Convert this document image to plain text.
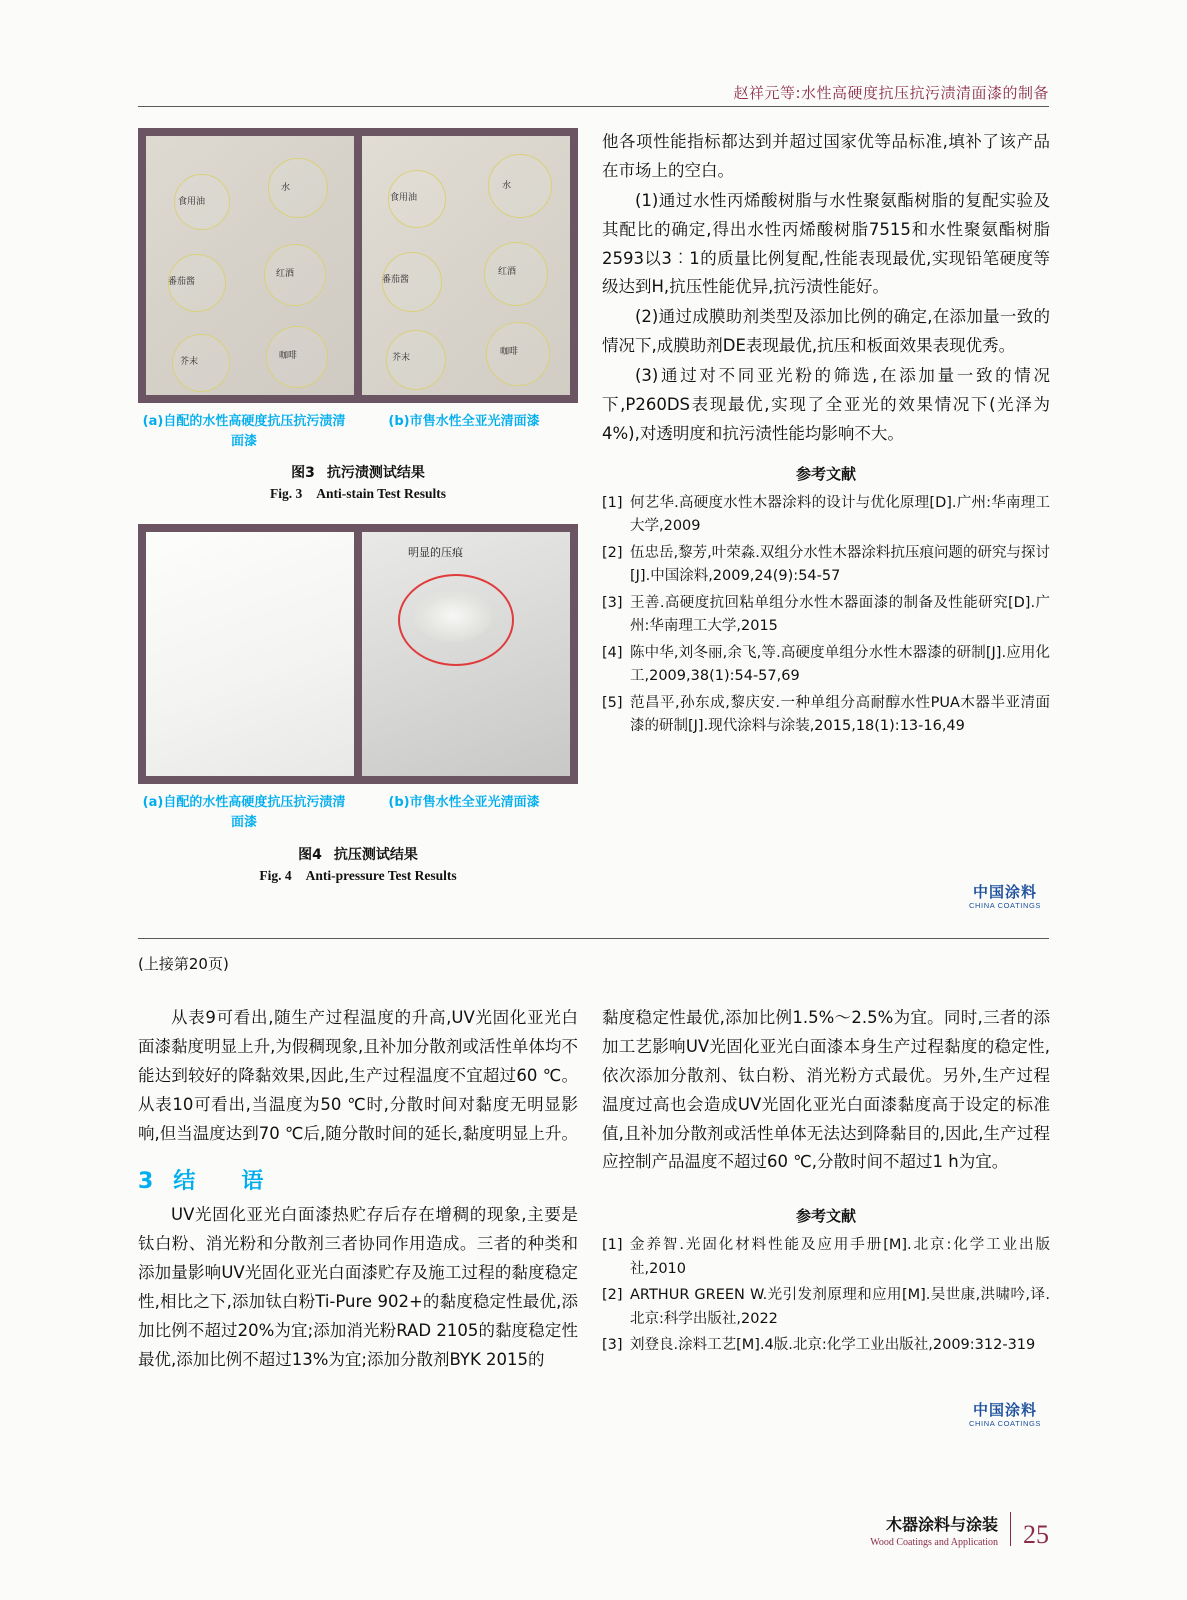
赵祥元等:水性高硬度抗压抗污渍清面漆的制备
食用油
水
番茄酱
红酒
芥末
咖啡
食用油
水
番茄酱
红酒
芥末
咖啡
(a)自配的水性高硬度抗压抗污渍清面漆
(b)市售水性全亚光清面漆
图3 抗污渍测试结果
Fig. 3 Anti-stain Test Results
明显的压痕
(a)自配的水性高硬度抗压抗污渍清面漆
(b)市售水性全亚光清面漆
图4 抗压测试结果
Fig. 4 Anti-pressure Test Results

他各项性能指标都达到并超过国家优等品标准,填补了该产品在市场上的空白。

(1)通过水性丙烯酸树脂与水性聚氨酯树脂的复配实验及其配比的确定,得出水性丙烯酸树脂7515和水性聚氨酯树脂2593以3︰1的质量比例复配,性能表现最优,实现铅笔硬度等级达到H,抗压性能优异,抗污渍性能好。

(2)通过成膜助剂类型及添加比例的确定,在添加量一致的情况下,成膜助剂DE表现最优,抗压和板面效果表现优秀。

(3)通过对不同亚光粉的筛选,在添加量一致的情况下,P260DS表现最优,实现了全亚光的效果情况下(光泽为4%),对透明度和抗污渍性能均影响不大。

参考文献
[1] 何艺华.高硬度水性木器涂料的设计与优化原理[D].广州:华南理工大学,2009
[2] 伍忠岳,黎芳,叶荣淼.双组分水性木器涂料抗压痕问题的研究与探讨[J].中国涂料,2009,24(9):54-57
[3] 王善.高硬度抗回粘单组分水性木器面漆的制备及性能研究[D].广州:华南理工大学,2015
[4] 陈中华,刘冬丽,余飞,等.高硬度单组分水性木器漆的研制[J].应用化工,2009,38(1):54-57,69
[5] 范昌平,孙东成,黎庆安.一种单组分高耐醇水性PUA木器半亚清面漆的研制[J].现代涂料与涂装,2015,18(1):13-16,49
中国涂料
CHINA COATINGS
(上接第20页)

从表9可看出,随生产过程温度的升高,UV光固化亚光白面漆黏度明显上升,为假稠现象,且补加分散剂或活性单体均不能达到较好的降黏效果,因此,生产过程温度不宜超过60 ℃。从表10可看出,当温度为50 ℃时,分散时间对黏度无明显影响,但当温度达到70 ℃后,随分散时间的延长,黏度明显上升。

3 结　语

UV光固化亚光白面漆热贮存后存在增稠的现象,主要是钛白粉、消光粉和分散剂三者协同作用造成。三者的种类和添加量影响UV光固化亚光白面漆贮存及施工过程的黏度稳定性,相比之下,添加钛白粉Ti-Pure 902+的黏度稳定性最优,添加比例不超过20%为宜;添加消光粉RAD 2105的黏度稳定性最优,添加比例不超过13%为宜;添加分散剂BYK 2015的

黏度稳定性最优,添加比例1.5%～2.5%为宜。同时,三者的添加工艺影响UV光固化亚光白面漆本身生产过程黏度的稳定性,依次添加分散剂、钛白粉、消光粉方式最优。另外,生产过程温度过高也会造成UV光固化亚光白面漆黏度高于设定的标准值,且补加分散剂或活性单体无法达到降黏目的,因此,生产过程应控制产品温度不超过60 ℃,分散时间不超过1 h为宜。

参考文献
[1] 金养智.光固化材料性能及应用手册[M].北京:化学工业出版社,2010
[2] ARTHUR GREEN W.光引发剂原理和应用[M].吴世康,洪啸吟,译.北京:科学出版社,2022
[3] 刘登良.涂料工艺[M].4版.北京:化学工业出版社,2009:312-319
中国涂料
CHINA COATINGS
木器涂料与涂装
Wood Coatings and Application 25
